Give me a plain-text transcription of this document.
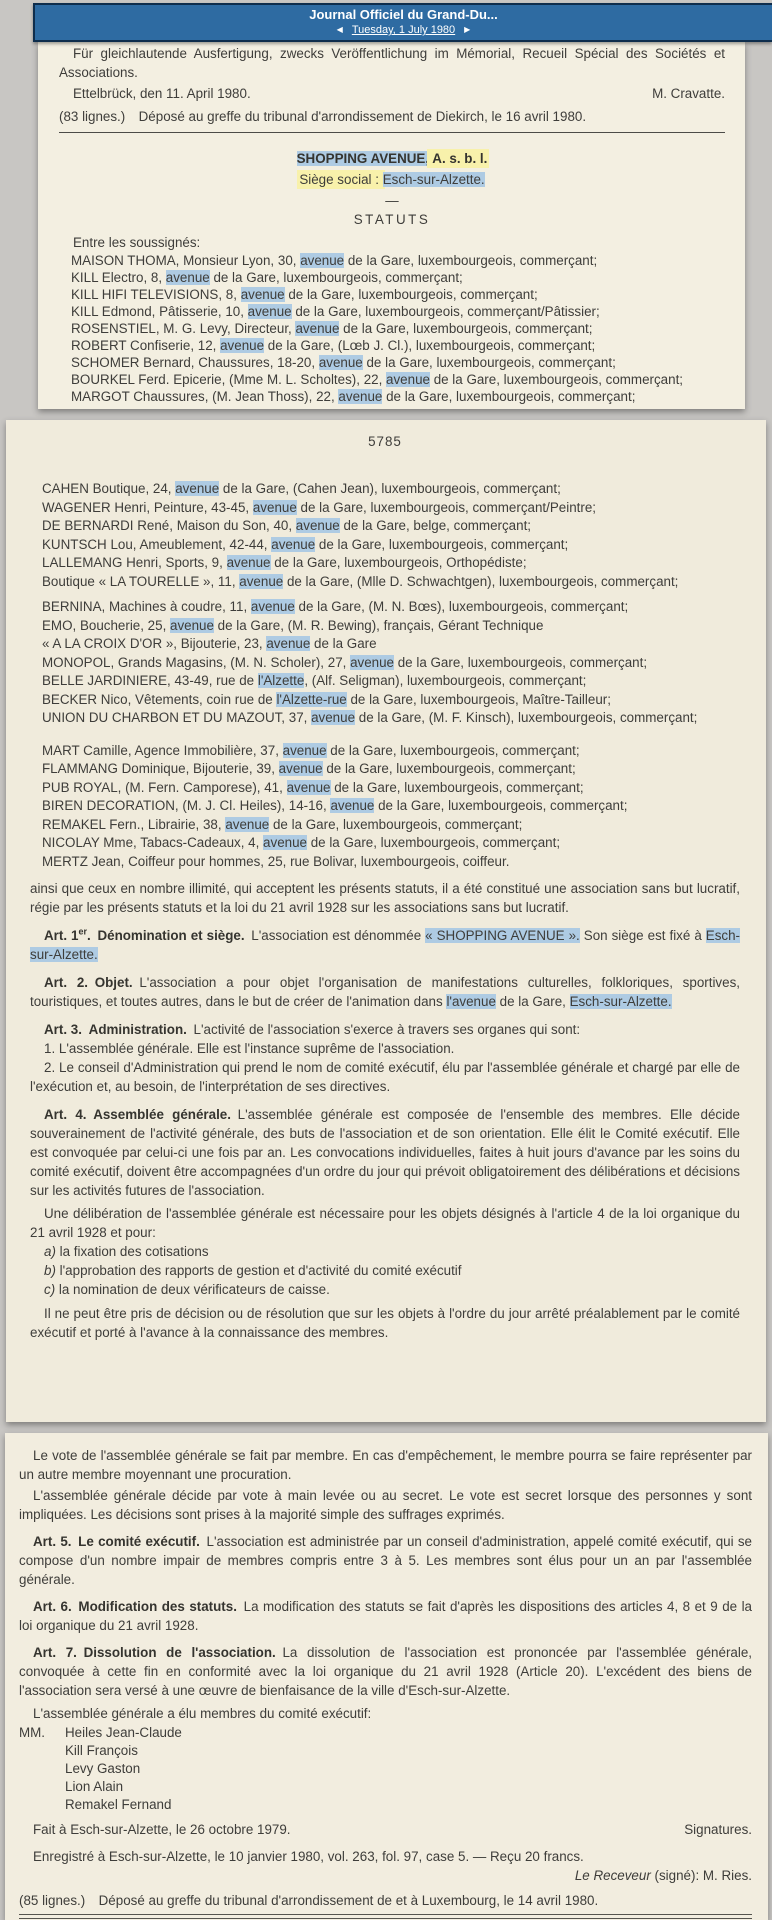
Journal Officiel du Grand-Du...
◀ Tuesday, 1 July 1980 ▶
Für gleichlautende Ausfertigung, zwecks Veröffentlichung im Mémorial, Recueil Spécial des Sociétés et Associations.
Ettelbrück, den 11. April 1980.	M. Cravatte.
(83 lignes.)  Déposé au greffe du tribunal d'arrondissement de Diekirch, le 16 avril 1980.
SHOPPING AVENUE, A. s. b. l.
Siège social : Esch-sur-Alzette.
—
STATUTS
Entre les soussignés:
MAISON THOMA, Monsieur Lyon, 30, avenue de la Gare, luxembourgeois, commerçant;
KILL Electro, 8, avenue de la Gare, luxembourgeois, commerçant;
KILL HIFI TELEVISIONS, 8, avenue de la Gare, luxembourgeois, commerçant;
KILL Edmond, Pâtisserie, 10, avenue de la Gare, luxembourgeois, commerçant/Pâtissier;
ROSENSTIEL, M. G. Levy, Directeur, avenue de la Gare, luxembourgeois, commerçant;
ROBERT Confiserie, 12, avenue de la Gare, (Lœb J. Cl.), luxembourgeois, commerçant;
SCHOMER Bernard, Chaussures, 18-20, avenue de la Gare, luxembourgeois, commerçant;
BOURKEL Ferd. Epicerie, (Mme M. L. Scholtes), 22, avenue de la Gare, luxembourgeois, commerçant;
MARGOT Chaussures, (M. Jean Thoss), 22, avenue de la Gare, luxembourgeois, commerçant;
5785
CAHEN Boutique, 24, avenue de la Gare, (Cahen Jean), luxembourgeois, commerçant;
WAGENER Henri, Peinture, 43-45, avenue de la Gare, luxembourgeois, commerçant/Peintre;
DE BERNARDI René, Maison du Son, 40, avenue de la Gare, belge, commerçant;
KUNTSCH Lou, Ameublement, 42-44, avenue de la Gare, luxembourgeois, commerçant;
LALLEMANG Henri, Sports, 9, avenue de la Gare, luxembourgeois, Orthopédiste;
Boutique « LA TOURELLE », 11, avenue de la Gare, (Mlle D. Schwachtgen), luxembourgeois, commerçant;
BERNINA, Machines à coudre, 11, avenue de la Gare, (M. N. Bœs), luxembourgeois, commerçant;
EMO, Boucherie, 25, avenue de la Gare, (M. R. Bewing), français, Gérant Technique
« A LA CROIX D'OR », Bijouterie, 23, avenue de la Gare
MONOPOL, Grands Magasins, (M. N. Scholer), 27, avenue de la Gare, luxembourgeois, commerçant;
BELLE JARDINIERE, 43-49, rue de l'Alzette, (Alf. Seligman), luxembourgeois, commerçant;
BECKER Nico, Vêtements, coin rue de l'Alzette-rue de la Gare, luxembourgeois, Maître-Tailleur;
UNION DU CHARBON ET DU MAZOUT, 37, avenue de la Gare, (M. F. Kinsch), luxembourgeois, commerçant;
MART Camille, Agence Immobilière, 37, avenue de la Gare, luxembourgeois, commerçant;
FLAMMANG Dominique, Bijouterie, 39, avenue de la Gare, luxembourgeois, commerçant;
PUB ROYAL, (M. Fern. Camporese), 41, avenue de la Gare, luxembourgeois, commerçant;
BIREN DECORATION, (M. J. Cl. Heiles), 14-16, avenue de la Gare, luxembourgeois, commerçant;
REMAKEL Fern., Librairie, 38, avenue de la Gare, luxembourgeois, commerçant;
NICOLAY Mme, Tabacs-Cadeaux, 4, avenue de la Gare, luxembourgeois, commerçant;
MERTZ Jean, Coiffeur pour hommes, 25, rue Bolivar, luxembourgeois, coiffeur.
ainsi que ceux en nombre illimité, qui acceptent les présents statuts, il a été constitué une association sans but lucratif, régie par les présents statuts et la loi du 21 avril 1928 sur les associations sans but lucratif.
Art. 1er. Dénomination et siège. L'association est dénommée « SHOPPING AVENUE ». Son siège est fixé à Esch-sur-Alzette.
Art. 2. Objet. L'association a pour objet l'organisation de manifestations culturelles, folkloriques, sportives, touristiques, et toutes autres, dans le but de créer de l'animation dans l'avenue de la Gare, Esch-sur-Alzette.
Art. 3. Administration. L'activité de l'association s'exerce à travers ses organes qui sont:
1. L'assemblée générale. Elle est l'instance suprême de l'association.
2. Le conseil d'Administration qui prend le nom de comité exécutif, élu par l'assemblée générale et chargé par elle de l'exécution et, au besoin, de l'interprétation de ses directives.
Art. 4. Assemblée générale. L'assemblée générale est composée de l'ensemble des membres. Elle décide souverainement de l'activité générale, des buts de l'association et de son orientation. Elle élit le Comité exécutif. Elle est convoquée par celui-ci une fois par an. Les convocations individuelles, faites à huit jours d'avance par les soins du comité exécutif, doivent être accompagnées d'un ordre du jour qui prévoit obligatoirement des délibérations et décisions sur les activités futures de l'association.
Une délibération de l'assemblée générale est nécessaire pour les objets désignés à l'article 4 de la loi organique du 21 avril 1928 et pour:
a) la fixation des cotisations
b) l'approbation des rapports de gestion et d'activité du comité exécutif
c) la nomination de deux vérificateurs de caisse.
Il ne peut être pris de décision ou de résolution que sur les objets à l'ordre du jour arrêté préalablement par le comité exécutif et porté à l'avance à la connaissance des membres.
Le vote de l'assemblée générale se fait par membre. En cas d'empêchement, le membre pourra se faire représenter par un autre membre moyennant une procuration.
L'assemblée générale décide par vote à main levée ou au secret. Le vote est secret lorsque des personnes y sont impliquées. Les décisions sont prises à la majorité simple des suffrages exprimés.
Art. 5. Le comité exécutif. L'association est administrée par un conseil d'administration, appelé comité exécutif, qui se compose d'un nombre impair de membres compris entre 3 à 5. Les membres sont élus pour un an par l'assemblée générale.
Art. 6. Modification des statuts. La modification des statuts se fait d'après les dispositions des articles 4, 8 et 9 de la loi organique du 21 avril 1928.
Art. 7. Dissolution de l'association. La dissolution de l'association est prononcée par l'assemblée générale, convoquée à cette fin en conformité avec la loi organique du 21 avril 1928 (Article 20). L'excédent des biens de l'association sera versé à une œuvre de bienfaisance de la ville d'Esch-sur-Alzette.
L'assemblée générale a élu membres du comité exécutif:
MM.	Heiles Jean-Claude
Kill François
Levy Gaston
Lion Alain
Remakel Fernand
Fait à Esch-sur-Alzette, le 26 octobre 1979.	Signatures.
Enregistré à Esch-sur-Alzette, le 10 janvier 1980, vol. 263, fol. 97, case 5. — Reçu 20 francs.
Le Receveur (signé): M. Ries.
(85 lignes.)  Déposé au greffe du tribunal d'arrondissement de et à Luxembourg, le 14 avril 1980.
